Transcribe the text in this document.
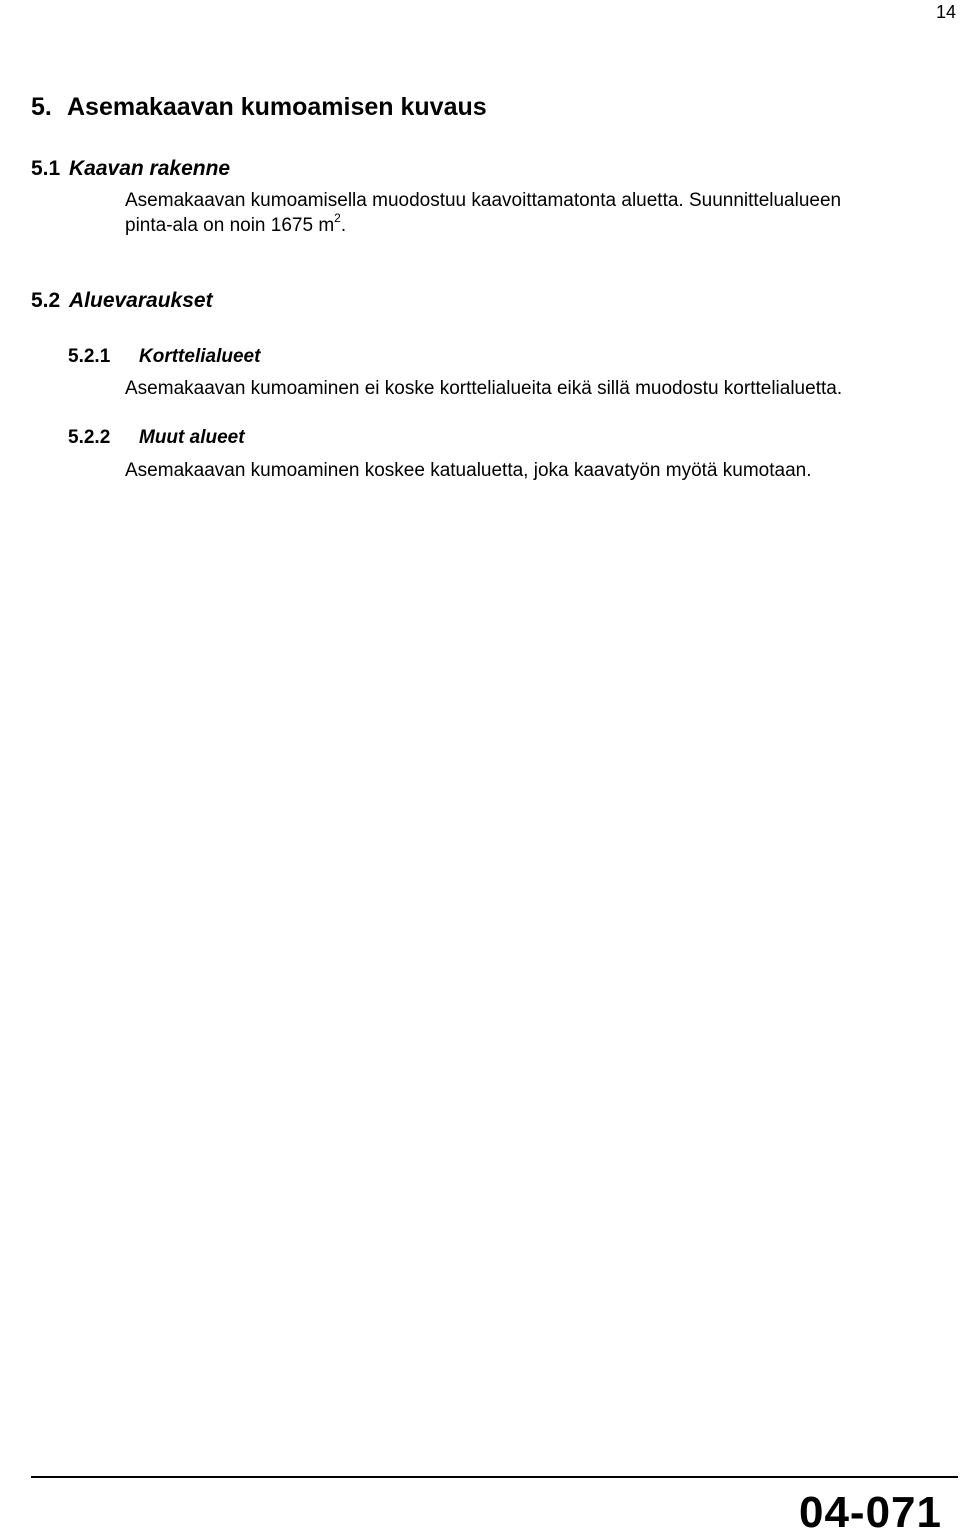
14
5. Asemakaavan kumoamisen kuvaus
5.1 Kaavan rakenne

Asemakaavan kumoamisella muodostuu kaavoittamatonta aluetta. Suunnittelualueen

pinta-ala on noin 1675 $m^2$.

5.2 Aluevaraukset
5.2.1 Korttelialueet

Asemakaavan kumoaminen ei koske korttelialueita eikä sillä muodostu korttelialuetta.

5.2.2 Muut alueet

Asemakaavan kumoaminen koskee katualuetta, joka kaavatyön myötä kumotaan.

04-071
